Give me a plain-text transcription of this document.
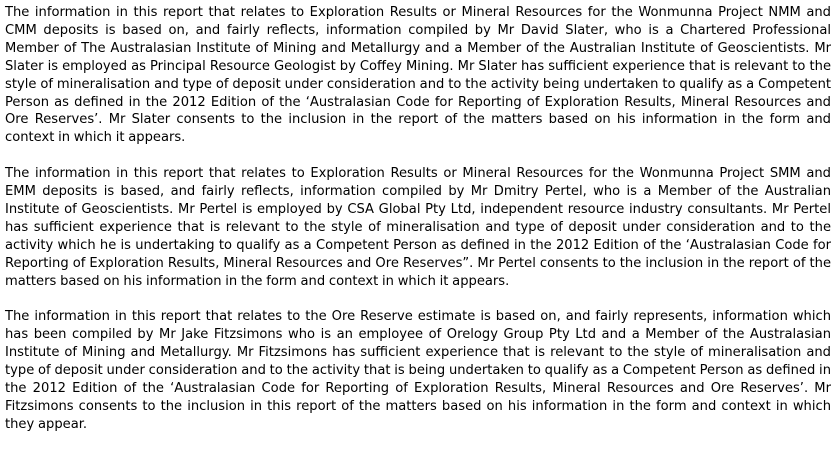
The information in this report that relates to Exploration Results or Mineral Resources for the Wonmunna Project NMM and CMM deposits is based on, and fairly reflects, information compiled by Mr David Slater, who is a Chartered Professional Member of The Australasian Institute of Mining and Metallurgy and a Member of the Australian Institute of Geoscientists. Mr Slater is employed as Principal Resource Geologist by Coffey Mining. Mr Slater has sufficient experience that is relevant to the style of mineralisation and type of deposit under consideration and to the activity being undertaken to qualify as a Competent Person as defined in the 2012 Edition of the ‘Australasian Code for Reporting of Exploration Results, Mineral Resources and Ore Reserves’. Mr Slater consents to the inclusion in the report of the matters based on his information in the form and context in which it appears.

The information in this report that relates to Exploration Results or Mineral Resources for the Wonmunna Project SMM and EMM deposits is based, and fairly reflects, information compiled by Mr Dmitry Pertel, who is a Member of the Australian Institute of Geoscientists. Mr Pertel is employed by CSA Global Pty Ltd, independent resource industry consultants. Mr Pertel has sufficient experience that is relevant to the style of mineralisation and type of deposit under consideration and to the activity which he is undertaking to qualify as a Competent Person as defined in the 2012 Edition of the ‘Australasian Code for Reporting of Exploration Results, Mineral Resources and Ore Reserves”. Mr Pertel consents to the inclusion in the report of the matters based on his information in the form and context in which it appears.

The information in this report that relates to the Ore Reserve estimate is based on, and fairly represents, information which has been compiled by Mr Jake Fitzsimons who is an employee of Orelogy Group Pty Ltd and a Member of the Australasian Institute of Mining and Metallurgy. Mr Fitzsimons has sufficient experience that is relevant to the style of mineralisation and type of deposit under consideration and to the activity that is being undertaken to qualify as a Competent Person as defined in the 2012 Edition of the ‘Australasian Code for Reporting of Exploration Results, Mineral Resources and Ore Reserves’. Mr Fitzsimons consents to the inclusion in this report of the matters based on his information in the form and context in which they appear.
